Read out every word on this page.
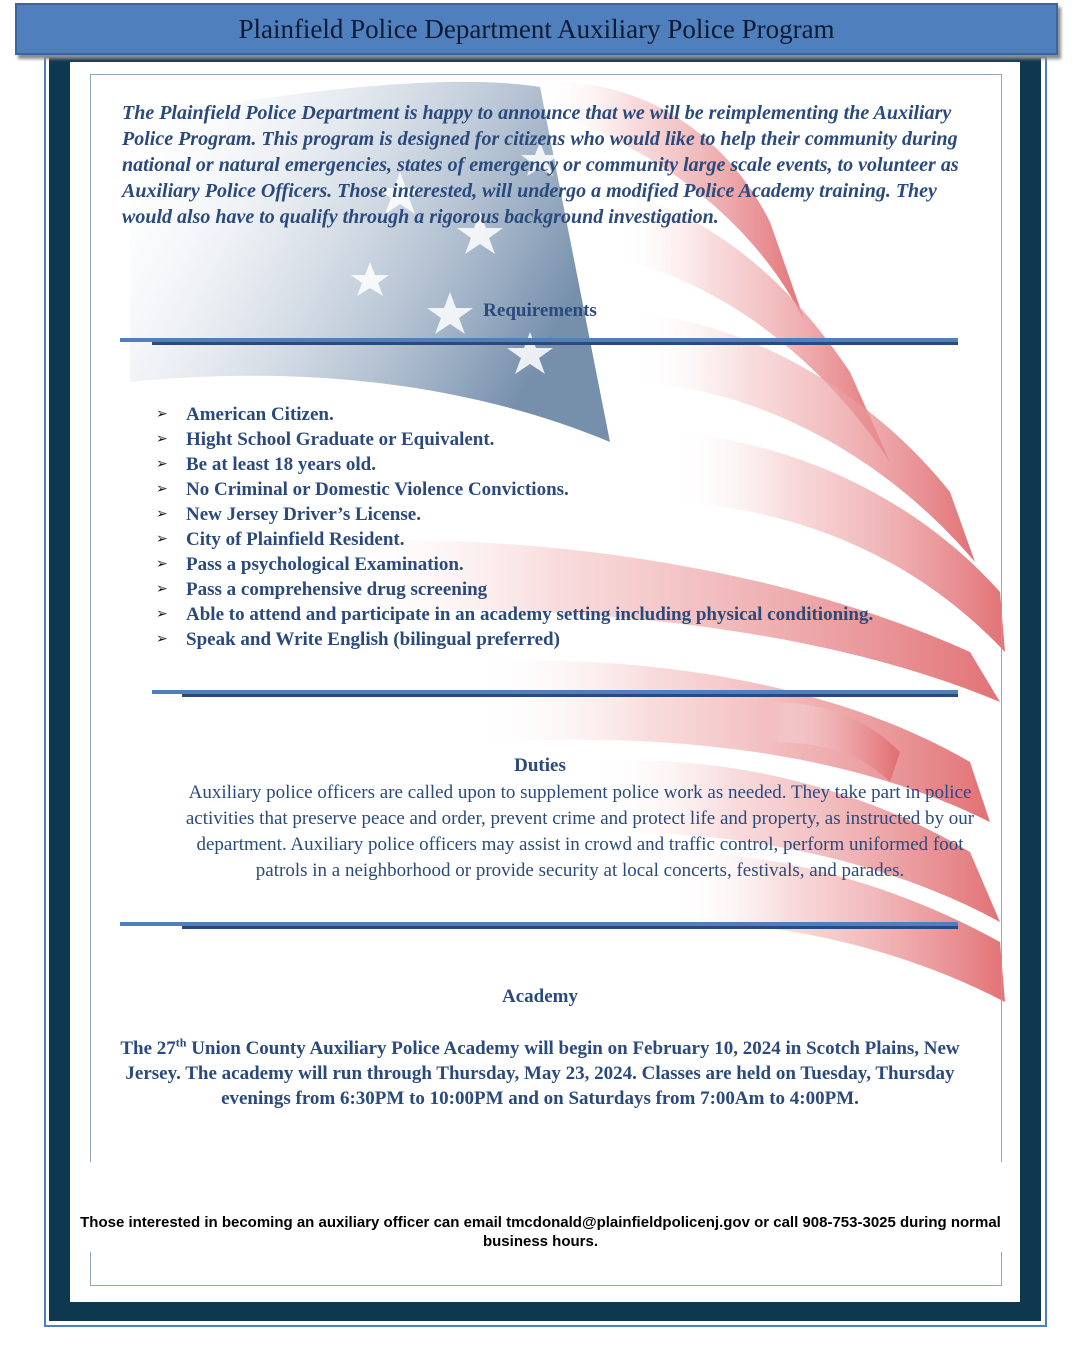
Plainfield Police Department Auxiliary Police Program

The Plainfield Police Department is happy to announce that we will be reimplementing the Auxiliary Police Program. This program is designed for citizens who would like to help their community during national or natural emergencies, states of emergency or community large scale events, to volunteer as Auxiliary Police Officers. Those interested, will undergo a modified Police Academy training. They would also have to qualify through a rigorous background investigation.

Requirements
➢ American Citizen.
➢ Hight School Graduate or Equivalent.
➢ Be at least 18 years old.
➢ No Criminal or Domestic Violence Convictions.
➢ New Jersey Driver’s License.
➢ City of Plainfield Resident.
➢ Pass a psychological Examination.
➢ Pass a comprehensive drug screening
➢ Able to attend and participate in an academy setting including physical conditioning.
➢ Speak and Write English (bilingual preferred)
Duties

Auxiliary police officers are called upon to supplement police work as needed. They take part in police activities that preserve peace and order, prevent crime and protect life and property, as instructed by our department. Auxiliary police officers may assist in crowd and traffic control, perform uniformed foot patrols in a neighborhood or provide security at local concerts, festivals, and parades.

Academy

The 27th Union County Auxiliary Police Academy will begin on February 10, 2024 in Scotch Plains, New Jersey. The academy will run through Thursday, May 23, 2024. Classes are held on Tuesday, Thursday evenings from 6:30PM to 10:00PM and on Saturdays from 7:00Am to 4:00PM.

Those interested in becoming an auxiliary officer can email tmcdonald@plainfieldpolicenj.gov or call 908-753-3025 during normal business hours.
